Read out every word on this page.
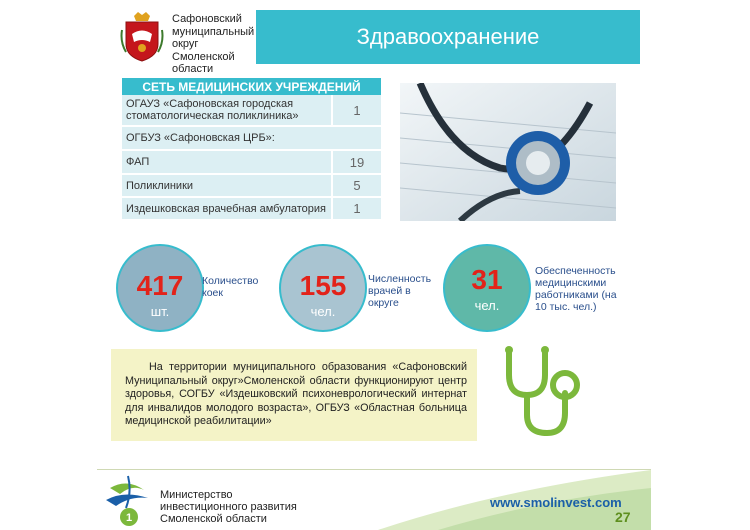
Сафоновский муниципальный округ Смоленской области
Здравоохранение
СЕТЬ МЕДИЦИНСКИХ УЧРЕЖДЕНИЙ	
ОГАУЗ «Сафоновская городская стоматологическая поликлиника»	1
ОГБУЗ «Сафоновская ЦРБ»:	
ФАП	19
Поликлиники	5
Издешковская врачебная амбулатория	1
417
шт.
Количество коек	155
чел.
Численность врачей в округе
31
чел.
Обеспеченность медицинскими работниками (на 10 тыс. чел.)
На территории муниципального образования «Сафоновский Муниципальный округ»Смоленской области функционируют центр здоровья, СОГБУ «Издешковский психоневрологический интернат для инвалидов молодого возраста», ОГБУЗ «Областная больница медицинской реабилитации»
1
Министерство инвестиционного развития Смоленской области
www.smolinvest.com
27
